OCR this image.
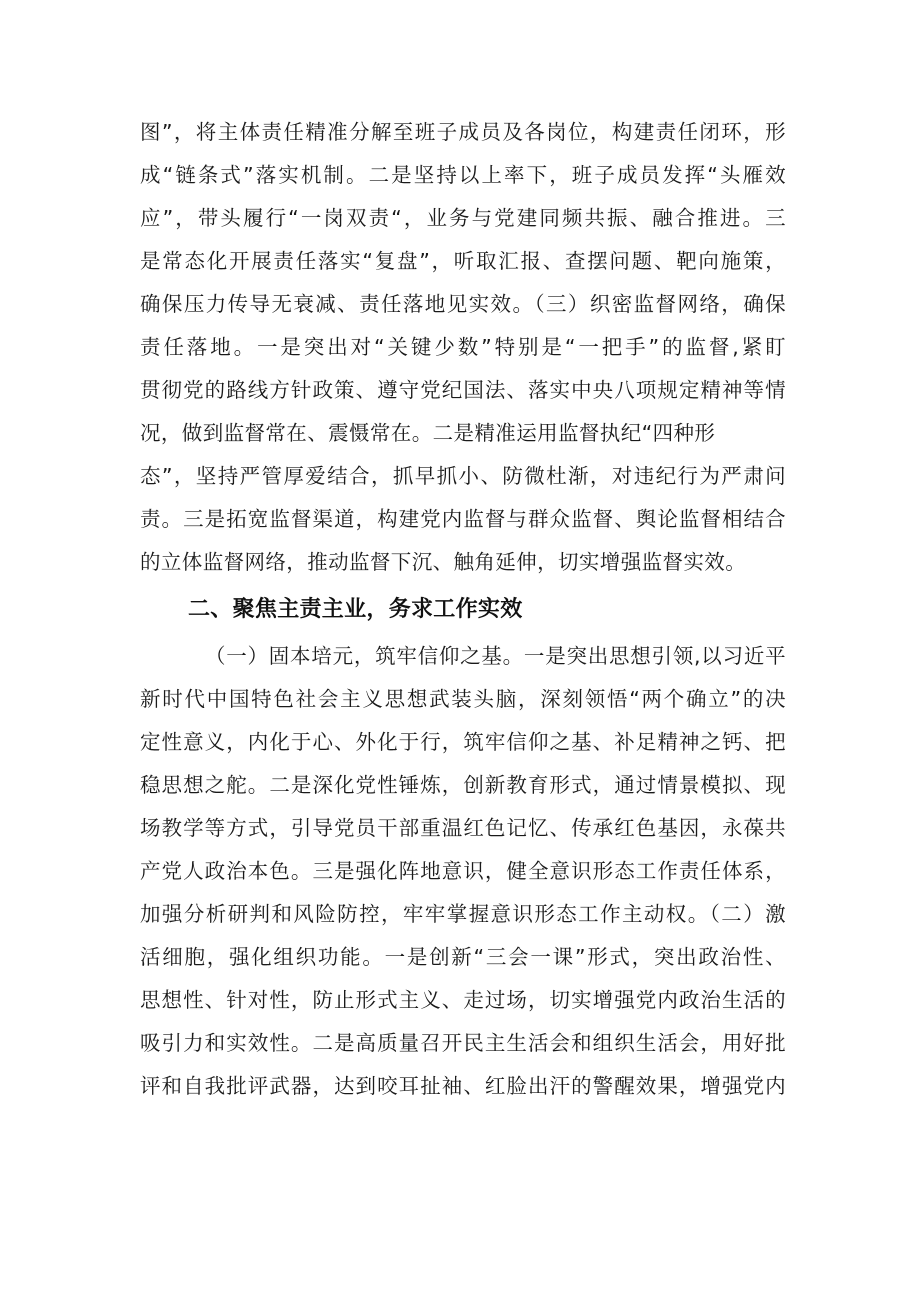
图”，将主体责任精准分解至班子成员及各岗位，构建责任闭环，形
成“链条式”落实机制。二是坚持以上率下，班子成员发挥“头雁效
应”，带头履行“一岗双责“，业务与党建同频共振、融合推进。三
是常态化开展责任落实“复盘”，听取汇报、查摆问题、靶向施策，
确保压力传导无衰减、责任落地见实效。（三）织密监督网络，确保
责任落地。一是突出对“关键少数”特别是“一把手”的监督,紧盯
贯彻党的路线方针政策、遵守党纪国法、落实中央八项规定精神等情
况，做到监督常在、震慑常在。二是精准运用监督执纪“四种形
态”，坚持严管厚爱结合，抓早抓小、防微杜渐，对违纪行为严肃问
责。三是拓宽监督渠道，构建党内监督与群众监督、舆论监督相结合
的立体监督网络，推动监督下沉、触角延伸，切实增强监督实效。
二、聚焦主责主业，务求工作实效
（一）固本培元，筑牢信仰之基。一是突出思想引领,以习近平
新时代中国特色社会主义思想武装头脑，深刻领悟“两个确立”的决
定性意义，内化于心、外化于行，筑牢信仰之基、补足精神之钙、把
稳思想之舵。二是深化党性锤炼，创新教育形式，通过情景模拟、现
场教学等方式，引导党员干部重温红色记忆、传承红色基因，永葆共
产党人政治本色。三是强化阵地意识，健全意识形态工作责任体系，
加强分析研判和风险防控，牢牢掌握意识形态工作主动权。（二）激
活细胞，强化组织功能。一是创新“三会一课”形式，突出政治性、
思想性、针对性，防止形式主义、走过场，切实增强党内政治生活的
吸引力和实效性。二是高质量召开民主生活会和组织生活会，用好批
评和自我批评武器，达到咬耳扯袖、红脸出汗的警醒效果，增强党内
